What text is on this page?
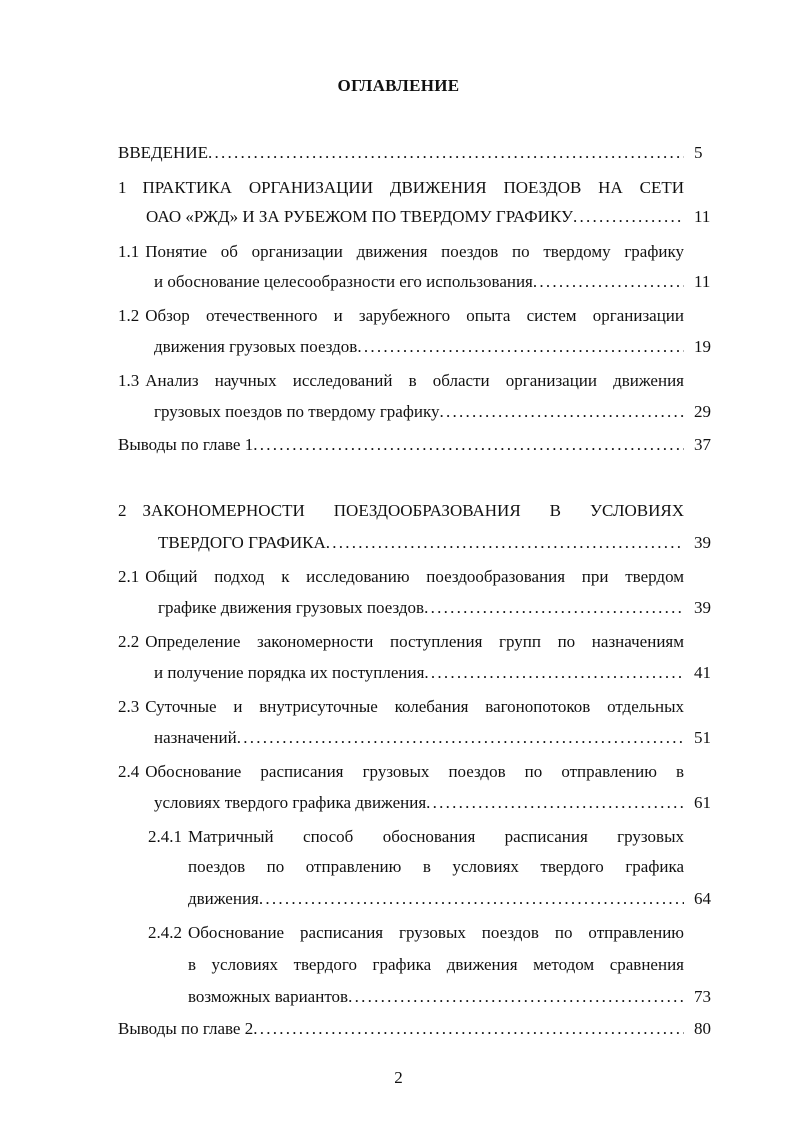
ОГЛАВЛЕНИЕ
ВВЕДЕНИЕ . . .	5
1 ПРАКТИКА ОРГАНИЗАЦИИ ДВИЖЕНИЯ ПОЕЗДОВ НА СЕТИ
ОАО «РЖД» И ЗА РУБЕЖОМ ПО ТВЕРДОМУ ГРАФИКУ . . .	11
1.1 Понятие об организации движения поездов по твердому графику
и обоснование целесообразности его использования . . .	11
1.2 Обзор отечественного и зарубежного опыта систем организации
движения грузовых поездов . . .	19
1.3 Анализ научных исследований в области организации движения
грузовых поездов по твердому графику . . .	29
Выводы по главе 1 . . .	37
2 ЗАКОНОМЕРНОСТИ ПОЕЗДООБРАЗОВАНИЯ В УСЛОВИЯХ
ТВЕРДОГО ГРАФИКА . . .	39
2.1 Общий подход к исследованию поездообразования при твердом
графике движения грузовых поездов . . .	39
2.2 Определение закономерности поступления групп по назначениям
и получение порядка их поступления . . .	41
2.3 Суточные и внутрисуточные колебания вагонопотоков отдельных
назначений . . .	51
2.4 Обоснование расписания грузовых поездов по отправлению в
условиях твердого графика движения . . .	61
2.4.1 Матричный способ обоснования расписания грузовых
поездов по отправлению в условиях твердого графика
движения . . .	64
2.4.2 Обоснование расписания грузовых поездов по отправлению
в условиях твердого графика движения методом сравнения
возможных вариантов . . .	73
Выводы по главе 2 . . .	80
2
